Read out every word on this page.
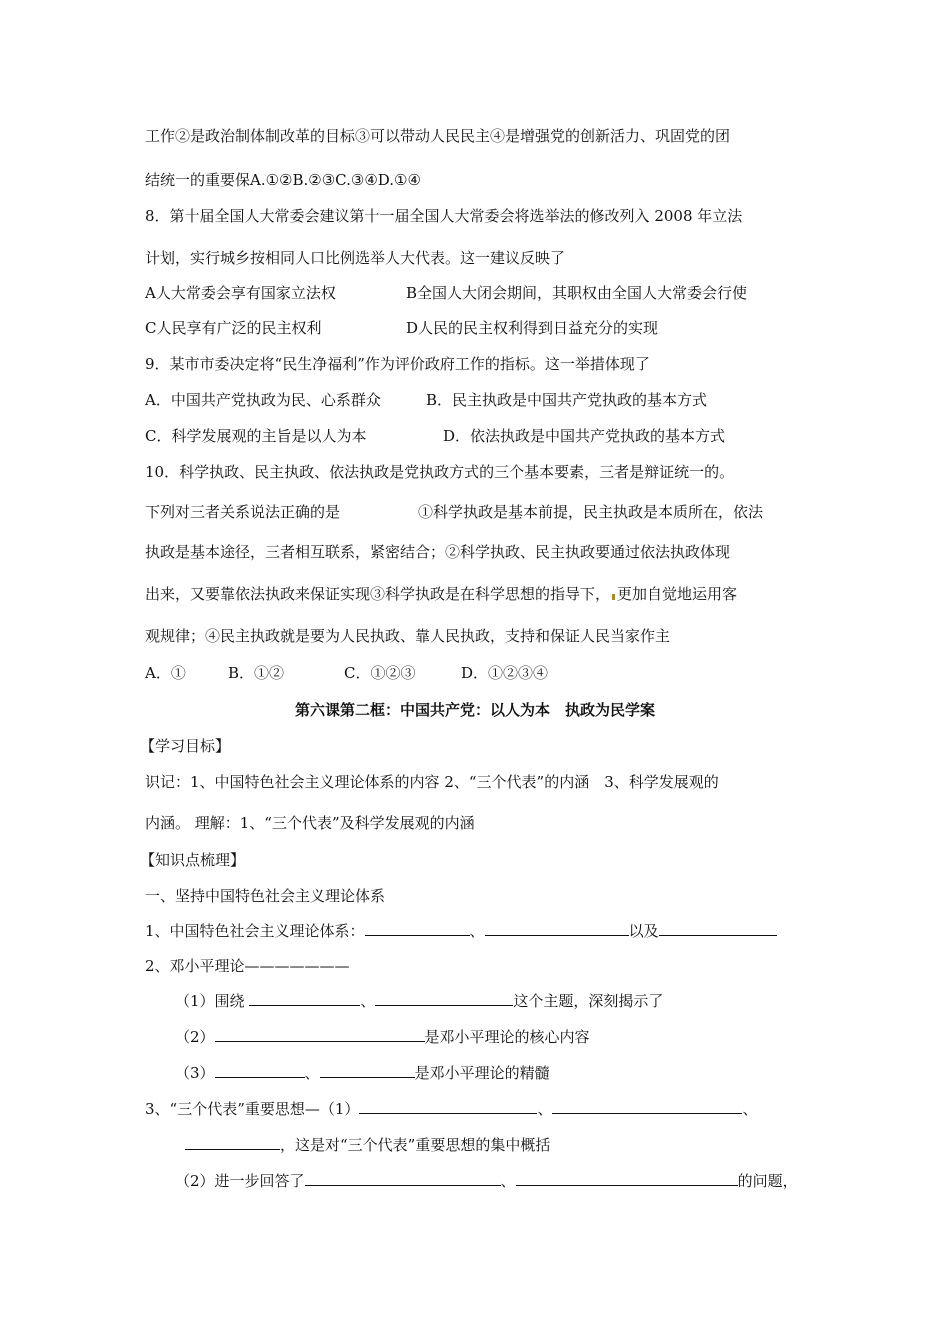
工作②是政治制体制改革的目标③可以带动人民民主④是增强党的创新活力、巩固党的团
结统一的重要保A.①②B.②③C.③④D.①④
8．第十届全国人大常委会建议第十一届全国人大常委会将选举法的修改列入 2008 年立法
计划，实行城乡按相同人口比例选举人大代表。这一建议反映了
A人大常委会享有国家立法权	B全国人大闭会期间，其职权由全国人大常委会行使
C人民享有广泛的民主权利	D人民的民主权利得到日益充分的实现
9．某市市委决定将“民生净福利”作为评价政府工作的指标。这一举措体现了
A．中国共产党执政为民、心系群众	B．民主执政是中国共产党执政的基本方式
C．科学发展观的主旨是以人为本	D．依法执政是中国共产党执政的基本方式
10．科学执政、民主执政、依法执政是党执政方式的三个基本要素，三者是辩证统一的。
下列对三者关系说法正确的是	①科学执政是基本前提，民主执政是本质所在，依法
执政是基本途径，三者相互联系，紧密结合；②科学执政、民主执政要通过依法执政体现
出来，又要靠依法执政来保证实现③科学执政是在科学思想的指导下， 更加自觉地运用客
观规律；④民主执政就是要为人民执政、靠人民执政，支持和保证人民当家作主
A．①	B．①②	C．①②③	D．①②③④
第六课第二框：中国共产党：以人为本　执政为民学案
【学习目标】
识记：1、中国特色社会主义理论体系的内容 2、“三个代表”的内涵　3、科学发展观的
内涵。 理解：1、“三个代表”及科学发展观的内涵
【知识点梳理】
一、坚持中国特色社会主义理论体系
1、中国特色社会主义理论体系：	、	以及
2、邓小平理论———————
（1）围绕	、	这个主题，深刻揭示了
（2）	是邓小平理论的核心内容
（3）	、	是邓小平理论的精髓
3、“三个代表”重要思想—（1）	、	、
，这是对“三个代表”重要思想的集中概括
（2）进一步回答了	、	的问题，
